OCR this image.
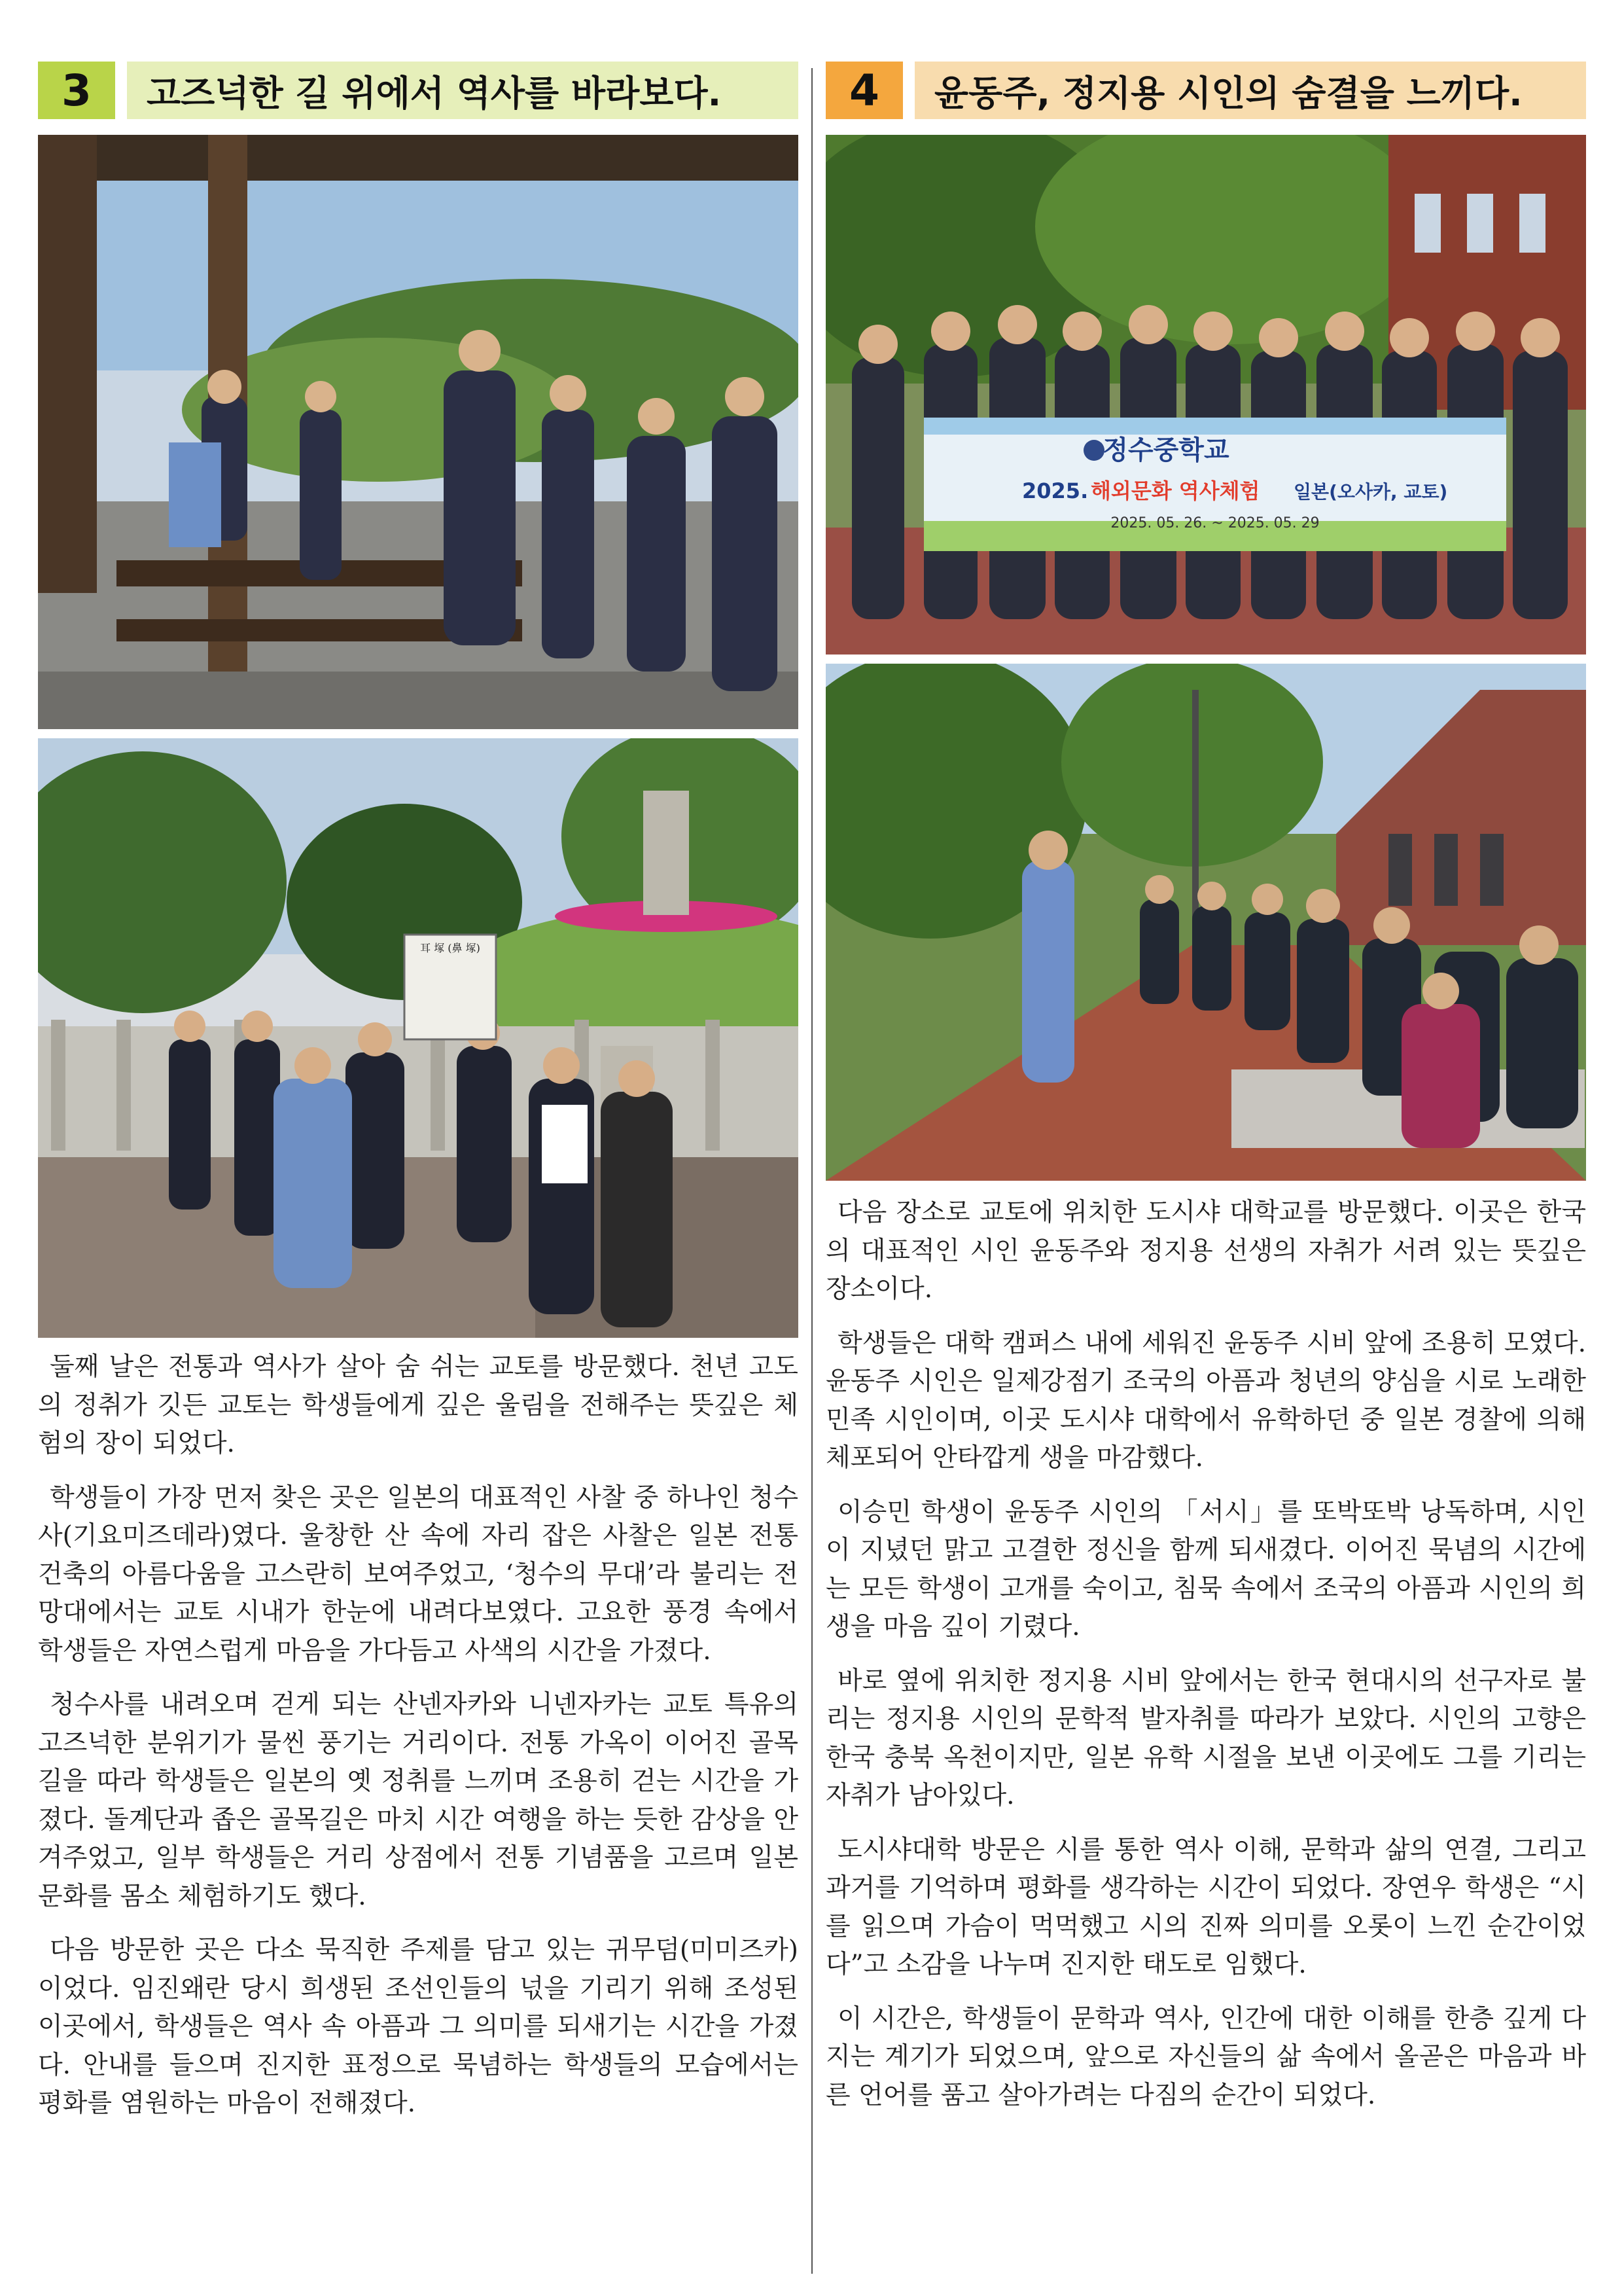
3	고즈넉한 길 위에서 역사를 바라보다.
耳 塚 (鼻 塚)

둘째 날은 전통과 역사가 살아 숨 쉬는 교토를 방문했다. 천년 고도의 정취가 깃든 교토는 학생들에게 깊은 울림을 전해주는 뜻깊은 체험의 장이 되었다.

학생들이 가장 먼저 찾은 곳은 일본의 대표적인 사찰 중 하나인 청수사(기요미즈데라)였다. 울창한 산 속에 자리 잡은 사찰은 일본 전통 건축의 아름다움을 고스란히 보여주었고, ‘청수의 무대’라 불리는 전망대에서는 교토 시내가 한눈에 내려다보였다. 고요한 풍경 속에서 학생들은 자연스럽게 마음을 가다듬고 사색의 시간을 가졌다.

청수사를 내려오며 걷게 되는 산넨자카와 니넨자카는 교토 특유의 고즈넉한 분위기가 물씬 풍기는 거리이다. 전통 가옥이 이어진 골목길을 따라 학생들은 일본의 옛 정취를 느끼며 조용히 걷는 시간을 가졌다. 돌계단과 좁은 골목길은 마치 시간 여행을 하는 듯한 감상을 안겨주었고, 일부 학생들은 거리 상점에서 전통 기념품을 고르며 일본 문화를 몸소 체험하기도 했다.

다음 방문한 곳은 다소 묵직한 주제를 담고 있는 귀무덤(미미즈카)이었다. 임진왜란 당시 희생된 조선인들의 넋을 기리기 위해 조성된 이곳에서, 학생들은 역사 속 아픔과 그 의미를 되새기는 시간을 가졌다. 안내를 들으며 진지한 표정으로 묵념하는 학생들의 모습에서는 평화를 염원하는 마음이 전해졌다.

4	윤동주, 정지용 시인의 숨결을 느끼다.
정수중학교
2025. 해외문화 역사체험 일본(오사카, 교토)
2025. 05. 26. ~ 2025. 05. 29

다음 장소로 교토에 위치한 도시샤 대학교를 방문했다. 이곳은 한국의 대표적인 시인 윤동주와 정지용 선생의 자취가 서려 있는 뜻깊은 장소이다.

학생들은 대학 캠퍼스 내에 세워진 윤동주 시비 앞에 조용히 모였다. 윤동주 시인은 일제강점기 조국의 아픔과 청년의 양심을 시로 노래한 민족 시인이며, 이곳 도시샤 대학에서 유학하던 중 일본 경찰에 의해 체포되어 안타깝게 생을 마감했다.

이승민 학생이 윤동주 시인의 「서시」를 또박또박 낭독하며, 시인이 지녔던 맑고 고결한 정신을 함께 되새겼다. 이어진 묵념의 시간에는 모든 학생이 고개를 숙이고, 침묵 속에서 조국의 아픔과 시인의 희생을 마음 깊이 기렸다.

바로 옆에 위치한 정지용 시비 앞에서는 한국 현대시의 선구자로 불리는 정지용 시인의 문학적 발자취를 따라가 보았다. 시인의 고향은 한국 충북 옥천이지만, 일본 유학 시절을 보낸 이곳에도 그를 기리는 자취가 남아있다.

도시샤대학 방문은 시를 통한 역사 이해, 문학과 삶의 연결, 그리고 과거를 기억하며 평화를 생각하는 시간이 되었다. 장연우 학생은 “시를 읽으며 가슴이 먹먹했고 시의 진짜 의미를 오롯이 느낀 순간이었다”고 소감을 나누며 진지한 태도로 임했다.

이 시간은, 학생들이 문학과 역사, 인간에 대한 이해를 한층 깊게 다지는 계기가 되었으며, 앞으로 자신들의 삶 속에서 올곧은 마음과 바른 언어를 품고 살아가려는 다짐의 순간이 되었다.
